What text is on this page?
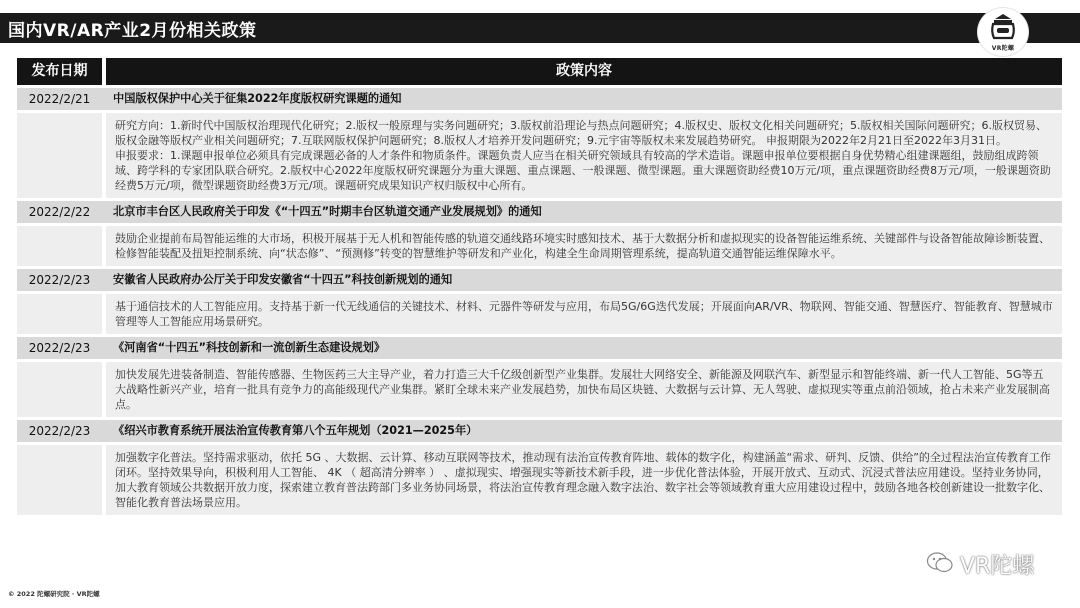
国内VR/AR产业2月份相关政策
VR陀螺
发布日期	政策内容
2022/2/21	中国版权保护中心关于征集2022年度版权研究课题的通知

研究方向：1.新时代中国版权治理现代化研究；2.版权一般原理与实务问题研究；3.版权前沿理论与热点问题研究；4.版权史、版权文化相关问题研究；5.版权相关国际问题研究；6.版权贸易、版权金融等版权产业相关问题研究；7.互联网版权保护问题研究；8.版权人才培养开发问题研究；9.元宇宙等版权未来发展趋势研究。 申报期限为2022年2月21日至2022年3月31日。

申报要求：1.课题申报单位必须具有完成课题必备的人才条件和物质条件。课题负责人应当在相关研究领域具有较高的学术造诣。课题申报单位要根据自身优势精心组建课题组，鼓励组成跨领域、跨学科的专家团队联合研究。2.版权中心2022年度版权研究课题分为重大课题、重点课题、一般课题、微型课题。重大课题资助经费10万元/项，重点课题资助经费8万元/项，一般课题资助经费5万元/项，微型课题资助经费3万元/项。课题研究成果知识产权归版权中心所有。

2022/2/22	北京市丰台区人民政府关于印发《“十四五”时期丰台区轨道交通产业发展规划》的通知

鼓励企业提前布局智能运维的大市场，积极开展基于无人机和智能传感的轨道交通线路环境实时感知技术、基于大数据分析和虚拟现实的设备智能运维系统、关键部件与设备智能故障诊断装置、检修智能装配及扭矩控制系统、向“状态修”、“预测修”转变的智慧维护等研发和产业化，构建全生命周期管理系统，提高轨道交通智能运维保障水平。

2022/2/23	安徽省人民政府办公厅关于印发安徽省“十四五”科技创新规划的通知

基于通信技术的人工智能应用。支持基于新一代无线通信的关键技术、材料、元器件等研发与应用，布局5G/6G迭代发展；开展面向AR/VR、物联网、智能交通、智慧医疗、智能教育、智慧城市管理等人工智能应用场景研究。

2022/2/23	《河南省“十四五”科技创新和一流创新生态建设规划》

加快发展先进装备制造、智能传感器、生物医药三大主导产业，着力打造三大千亿级创新型产业集群。发展壮大网络安全、新能源及网联汽车、新型显示和智能终端、新一代人工智能、5G等五大战略性新兴产业，培育一批具有竞争力的高能级现代产业集群。紧盯全球未来产业发展趋势，加快布局区块链、大数据与云计算、无人驾驶、虚拟现实等重点前沿领域，抢占未来产业发展制高点。

2022/2/23	《绍兴市教育系统开展法治宣传教育第八个五年规划（2021—2025年）

加强数字化普法。坚持需求驱动，依托 5G 、大数据、云计算、移动互联网等技术，推动现有法治宣传教育阵地、载体的数字化，构建涵盖“需求、研判、反馈、供给”的全过程法治宣传教育工作闭环。坚持效果导向，积极利用人工智能、 4K （ 超高清分辨率 ） 、虚拟现实、增强现实等新技术新手段，进一步优化普法体验，开展开放式、互动式、沉浸式普法应用建设。坚持业务协同，加大教育领域公共数据开放力度，探索建立教育普法跨部门多业务协同场景，将法治宣传教育理念融入数字法治、数字社会等领域教育重大应用建设过程中，鼓励各地各校创新建设一批数字化、智能化教育普法场景应用。

© 2022 陀螺研究院 · VR陀螺
VR陀螺
